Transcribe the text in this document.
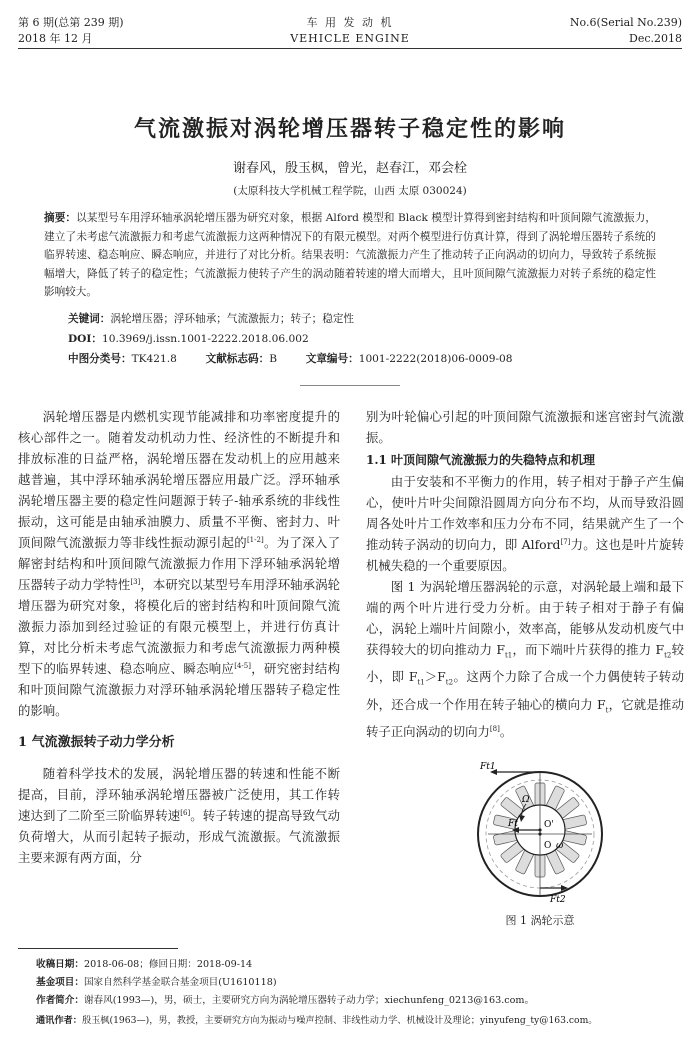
第 6 期(总第 239 期)
2018 年 12 月
车 用 发 动 机
VEHICLE ENGINE
No.6(Serial No.239)
Dec.2018
气流激振对涡轮增压器转子稳定性的影响
谢春风，殷玉枫，曾光，赵春江，邓会栓
(太原科技大学机械工程学院，山西 太原 030024)
摘要：以某型号车用浮环轴承涡轮增压器为研究对象，根据 Alford 模型和 Black 模型计算得到密封结构和叶顶间隙气流激振力，建立了未考虑气流激振力和考虑气流激振力这两种情况下的有限元模型。对两个模型进行仿真计算，得到了涡轮增压器转子系统的临界转速、稳态响应、瞬态响应，并进行了对比分析。结果表明：气流激振力产生了推动转子正向涡动的切向力，导致转子系统振幅增大，降低了转子的稳定性；气流激振力使转子产生的涡动随着转速的增大而增大，且叶顶间隙气流激振力对转子系统的稳定性影响较大。
关键词：涡轮增压器；浮环轴承；气流激振力；转子；稳定性
DOI：10.3969/j.issn.1001-2222.2018.06.002
中图分类号：TK421.8	文献标志码：B	文章编号：1001-2222(2018)06-0009-08

涡轮增压器是内燃机实现节能减排和功率密度提升的核心部件之一。随着发动机动力性、经济性的不断提升和排放标准的日益严格，涡轮增压器在发动机上的应用越来越普遍，其中浮环轴承涡轮增压器应用最广泛。浮环轴承涡轮增压器主要的稳定性问题源于转子-轴承系统的非线性振动，这可能是由轴承油膜力、质量不平衡、密封力、叶顶间隙气流激振力等非线性振动源引起的[1-2]。为了深入了解密封结构和叶顶间隙气流激振力作用下浮环轴承涡轮增压器转子动力学特性[3]，本研究以某型号车用浮环轴承涡轮增压器为研究对象，将模化后的密封结构和叶顶间隙气流激振力添加到经过验证的有限元模型上，并进行仿真计算，对比分析未考虑气流激振力和考虑气流激振力两种模型下的临界转速、稳态响应、瞬态响应[4-5]，研究密封结构和叶顶间隙气流激振力对浮环轴承涡轮增压器转子稳定性的影响。

1 气流激振转子动力学分析

随着科学技术的发展，涡轮增压器的转速和性能不断提高，目前，浮环轴承涡轮增压器被广泛使用，其工作转速达到了二阶至三阶临界转速[6]。转子转速的提高导致气动负荷增大，从而引起转子振动，形成气流激振。气流激振主要来源有两方面，分

别为叶轮偏心引起的叶顶间隙气流激振和迷宫密封气流激振。

1.1 叶顶间隙气流激振力的失稳特点和机理

由于安装和不平衡力的作用，转子相对于静子产生偏心，使叶片叶尖间隙沿圆周方向分布不均，从而导致沿圆周各处叶片工作效率和压力分布不同，结果就产生了一个推动转子涡动的切向力，即 Alford[7]力。这也是叶片旋转机械失稳的一个重要原因。

图 1 为涡轮增压器涡轮的示意，对涡轮最上端和最下端的两个叶片进行受力分析。由于转子相对于静子有偏心，涡轮上端叶片间隙小，效率高，能够从发动机废气中获得较大的切向推动力 $F_{t1}$，而下端叶片获得的推力 $F_{t2}$较小，即 $F_{t1}>F_{t2}$。这两个力除了合成一个力偶使转子转动外，还合成一个作用在转子轴心的横向力 $F_t$，它就是推动转子正向涡动的切向力[8]。

Ft1
Ω
Ft	O'
O ω
Ft2
图 1 涡轮示意
收稿日期：2018-06-08；修回日期：2018-09-14
基金项目：国家自然科学基金联合基金项目(U1610118)
作者简介：谢春风(1993—)，男，硕士，主要研究方向为涡轮增压器转子动力学；xiechunfeng_0213@163.com。
通讯作者：殷玉枫(1963—)，男，教授，主要研究方向为振动与噪声控制、非线性动力学、机械设计及理论；yinyufeng_ty@163.com。
